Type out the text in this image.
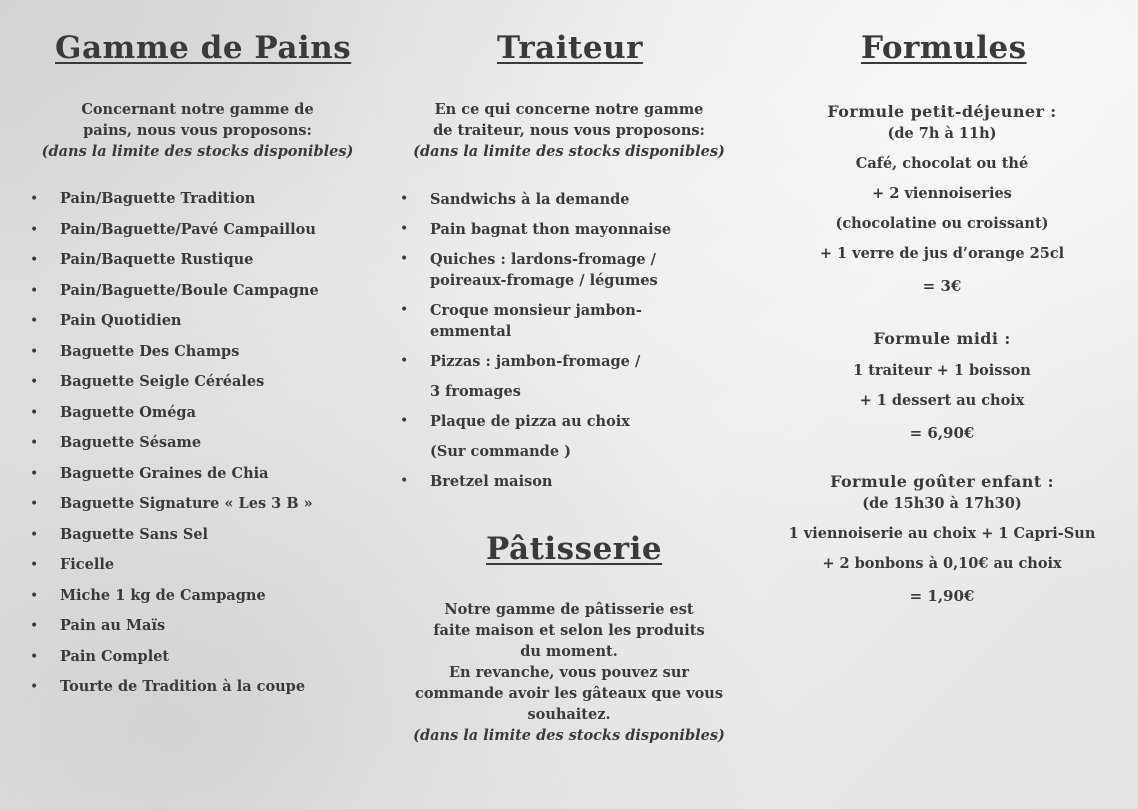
Gamme de Pains
Concernant notre gamme de
pains, nous vous proposons:
(dans la limite des stocks disponibles)
• Pain/Baguette Tradition
• Pain/Baguette/Pavé Campaillou
• Pain/Baquette Rustique
• Pain/Baguette/Boule Campagne
• Pain Quotidien
• Baguette Des Champs
• Baguette Seigle Céréales
• Baguette Oméga
• Baguette Sésame
• Baguette Graines de Chia
• Baguette Signature « Les 3 B »
• Baguette Sans Sel
• Ficelle
• Miche 1 kg de Campagne
• Pain au Maïs
• Pain Complet
• Tourte de Tradition à la coupe
Traiteur
En ce qui concerne notre gamme
de traiteur, nous vous proposons:
(dans la limite des stocks disponibles)
• Sandwichs à la demande
• Pain bagnat thon mayonnaise
• Quiches : lardons-fromage /
poireaux-fromage / légumes
• Croque monsieur jambon-
emmental
• Pizzas : jambon-fromage /
3 fromages
• Plaque de pizza au choix
(Sur commande )
• Bretzel maison
Pâtisserie
Notre gamme de pâtisserie est
faite maison et selon les produits
du moment.
En revanche, vous pouvez sur
commande avoir les gâteaux que vous
souhaitez.
(dans la limite des stocks disponibles)
Formules
Formule petit-déjeuner :
(de 7h à 11h)
Café, chocolat ou thé
+ 2 viennoiseries
(chocolatine ou croissant)
+ 1 verre de jus d’orange 25cl
= 3€
Formule midi :
1 traiteur + 1 boisson
+ 1 dessert au choix
= 6,90€
Formule goûter enfant :
(de 15h30 à 17h30)
1 viennoiserie au choix + 1 Capri-Sun
+ 2 bonbons à 0,10€ au choix
= 1,90€
